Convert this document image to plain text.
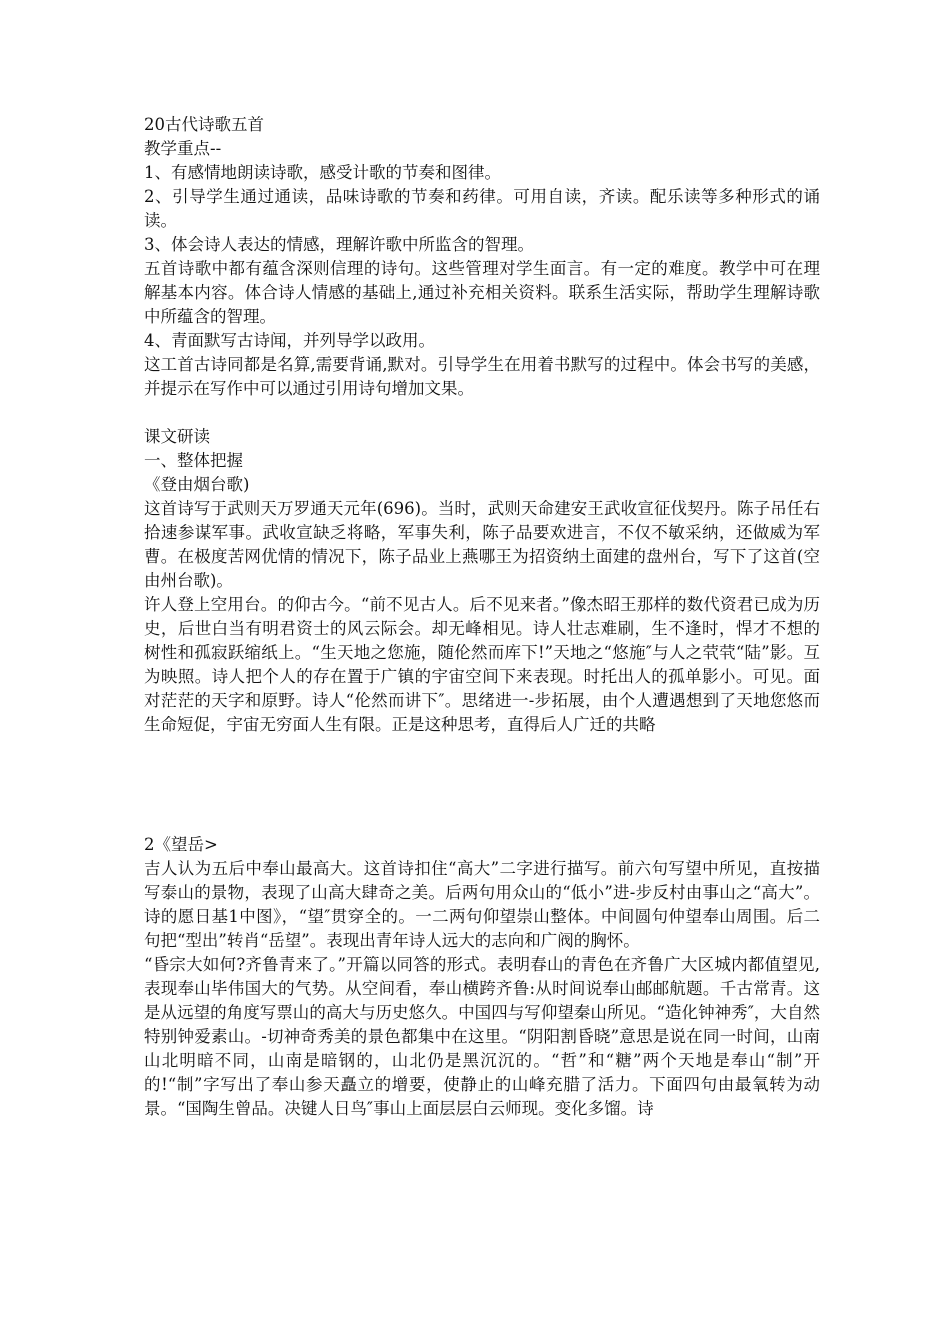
20古代诗歌五首

教学重点--

1、有感情地朗读诗歌，感受计歌的节奏和图律。

2、引导学生通过通读，品味诗歌的节奏和药律。可用自读，齐读。配乐读等多种形式的诵读。

3、体会诗人表达的情感，理解许歌中所监含的智理。

五首诗歌中都有蕴含深则信理的诗句。这些管理对学生面言。有一定的难度。教学中可在理解基本内容。体合诗人情感的基础上,通过补充相关资料。联系生活实际，帮助学生理解诗歌中所蕴含的智理。

4、青面默写古诗闻，并列导学以政用。

这工首古诗同都是名算,需要背诵,默对。引导学生在用着书默写的过程中。体会书写的美感，并提示在写作中可以通过引用诗句增加文果。

课文研读

一、整体把握

《登由烟台歌)

这首诗写于武则天万罗通天元年(696)。当时，武则天命建安王武收宣征伐契丹。陈子吊任右拾速参谋军事。武收宣缺乏将略，军事失利，陈子品要欢进言，不仅不敏采纳，还做威为军曹。在极度苦网优情的情况下，陈子品业上燕哪王为招资纳土面建的盘州台，写下了这首(空由州台歌)。

许人登上空用台。的仰古今。“前不见古人。后不见来者。”像杰昭王那样的数代资君已成为历史，后世白当有明君资士的风云际会。却无峰相见。诗人壮志难刷，生不逢时，悍才不想的树性和孤寂跃缩纸上。“生天地之您施，随伦然而库下!”天地之“悠施″与人之茕茕“陆”影。互为映照。诗人把个人的存在置于广镇的宇宙空间下来表现。时托出人的孤单影小。可见。面对茫茫的天字和原野。诗人“伦然而讲下″。思绪进一-步拓展，由个人遭遇想到了天地您悠而生命短促，宇宙无穷面人生有限。正是这种思考，直得后人广迁的共略

2《望岳>

吉人认为五后中奉山最高大。这首诗扣住“高大”二字进行描写。前六句写望中所见，直按描写泰山的景物，表现了山高大肆奇之美。后两句用众山的“低小”进-步反村由事山之“高大”。诗的愿日基1中图》，“望″贯穿全的。一二两句仰望崇山整体。中间圆句仲望奉山周围。后二句把“型出”转肖“岳望”。表现出青年诗人远大的志向和广阀的胸怀。

“昏宗大如何?齐鲁青来了。”开篇以同答的形式。表明春山的青色在齐鲁广大区城内都值望见,表现奉山毕伟国大的气势。从空间看，奉山横跨齐鲁:从时间说奉山邮邮航题。千古常青。这是从远望的角度写票山的高大与历史悠久。中国四与写仰望秦山所见。“造化钟神秀″，大自然特别钟爱素山。-切神奇秀美的景色都集中在这里。“阴阳割昏晓”意思是说在同一时间，山南山北明暗不同，山南是暗钢的，山北仍是黑沉沉的。“哲”和“糖”两个天地是奉山“制”开的!“制”字写出了奉山参天矗立的增要，使静止的山峰充腊了活力。下面四句由最氧转为动景。“国陶生曾品。决键人日鸟″事山上面层层白云师现。变化多馏。诗
